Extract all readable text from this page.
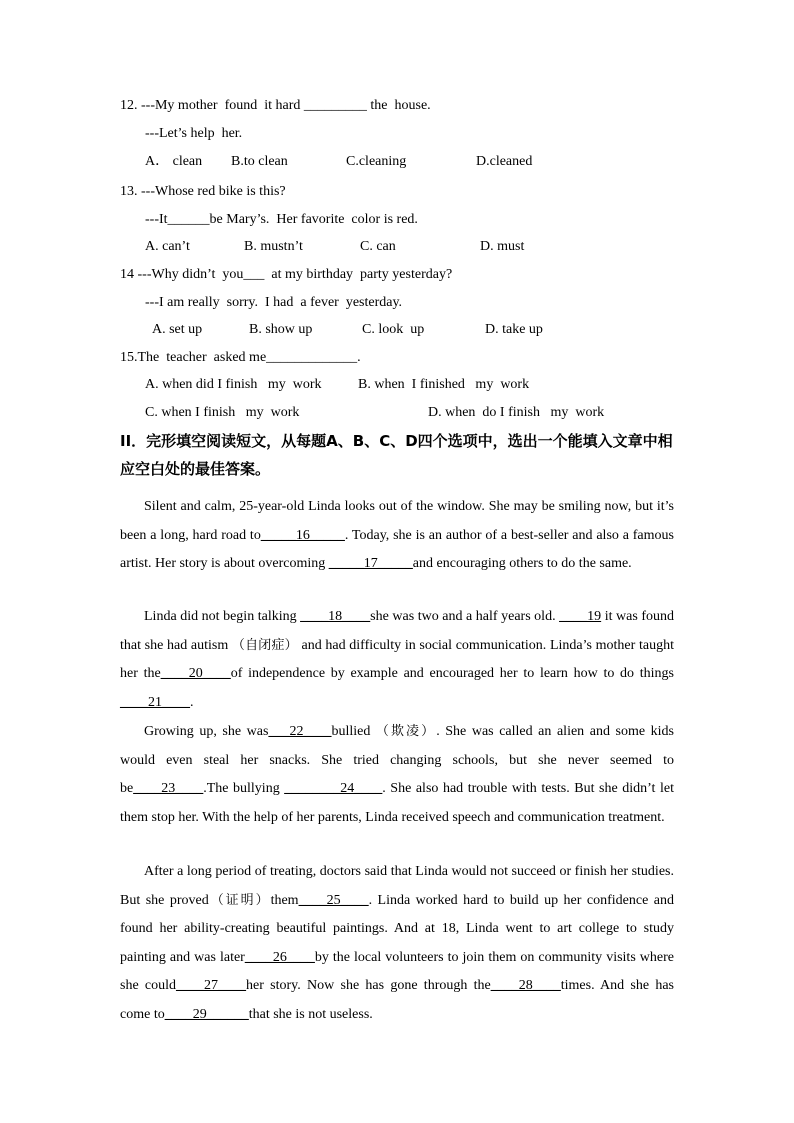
12. ---My mother  found  it hard _________ the  house.
---Let’s help  her.
A． clean B.to clean	C.cleaning	D.cleaned
13. ---Whose red bike is this?
---It______be Mary’s.  Her favorite  color is red.
A. can’t	B. mustn’t	C. can	D. must
14 ---Why didn’t  you___  at my birthday  party yesterday?
---I am really  sorry.  I had  a fever  yesterday.
A. set up	B. show up	C. look  up	D. take up
15.The  teacher  asked me_____________.
A. when did I finish   my  work	B. when  I finished   my  work
C. when I finish   my  work	D. when  do I finish   my  work
II．完形填空阅读短文，从每题A、B、C、D四个选项中，选出一个能填入文章中相应空白处的最佳答案。
Silent and calm, 25-year-old Linda looks out of the window. She may be smiling now, but it’s been a long, hard road to_____16_____. Today, she is an author of a best-seller and also a famous artist. Her story is about overcoming _____17_____and encouraging others to do the same.
Linda did not begin talking ____18____she was two and a half years old. ____19 it was found that she had autism （自闭症） and had difficulty in social communication. Linda’s mother taught her the____20____of independence by example and encouraged her to learn how to do things ____21____.
Growing up, she was___22____bullied （欺凌）. She was called an alien and some kids would even steal her snacks. She tried changing schools, but she never seemed to be____23____.The bullying ________24____. She also had trouble with tests. But she didn’t let them stop her. With the help of her parents, Linda received speech and communication treatment.
After a long period of treating, doctors said that Linda would not succeed or finish her studies. But she proved（证明）them____25____. Linda worked hard to build up her confidence and found her ability-creating beautiful paintings. And at 18, Linda went to art college to study painting and was later____26____by the local volunteers to join them on community visits where she could____27____her story. Now she has gone through the____28____times. And she has come to____29______that she is not useless.
